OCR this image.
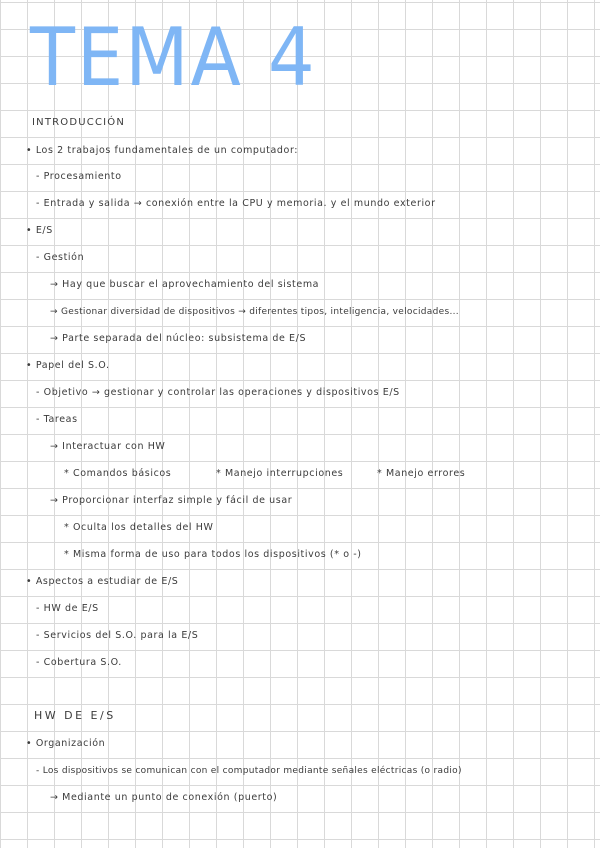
TEMA 4
INTRODUCCIÓN
• Los 2 trabajos fundamentales de un computador:
- Procesamiento
- Entrada y salida → conexión entre la CPU y memoria. y el mundo exterior
• E/S
- Gestión
→ Hay que buscar el aprovechamiento del sistema
→ Gestionar diversidad de dispositivos → diferentes tipos, inteligencia, velocidades...
→ Parte separada del núcleo: subsistema de E/S
• Papel del S.O.
- Objetivo → gestionar y controlar las operaciones y dispositivos E/S
- Tareas
→ Interactuar con HW
* Comandos básicos	* Manejo interrupciones	* Manejo errores
→ Proporcionar interfaz simple y fácil de usar
* Oculta los detalles del HW
* Misma forma de uso para todos los dispositivos (* o -)
• Aspectos a estudiar de E/S
- HW de E/S
- Servicios del S.O. para la E/S
- Cobertura S.O.
HW DE E/S
• Organización
- Los dispositivos se comunican con el computador mediante señales eléctricas (o radio)
→ Mediante un punto de conexión (puerto)
